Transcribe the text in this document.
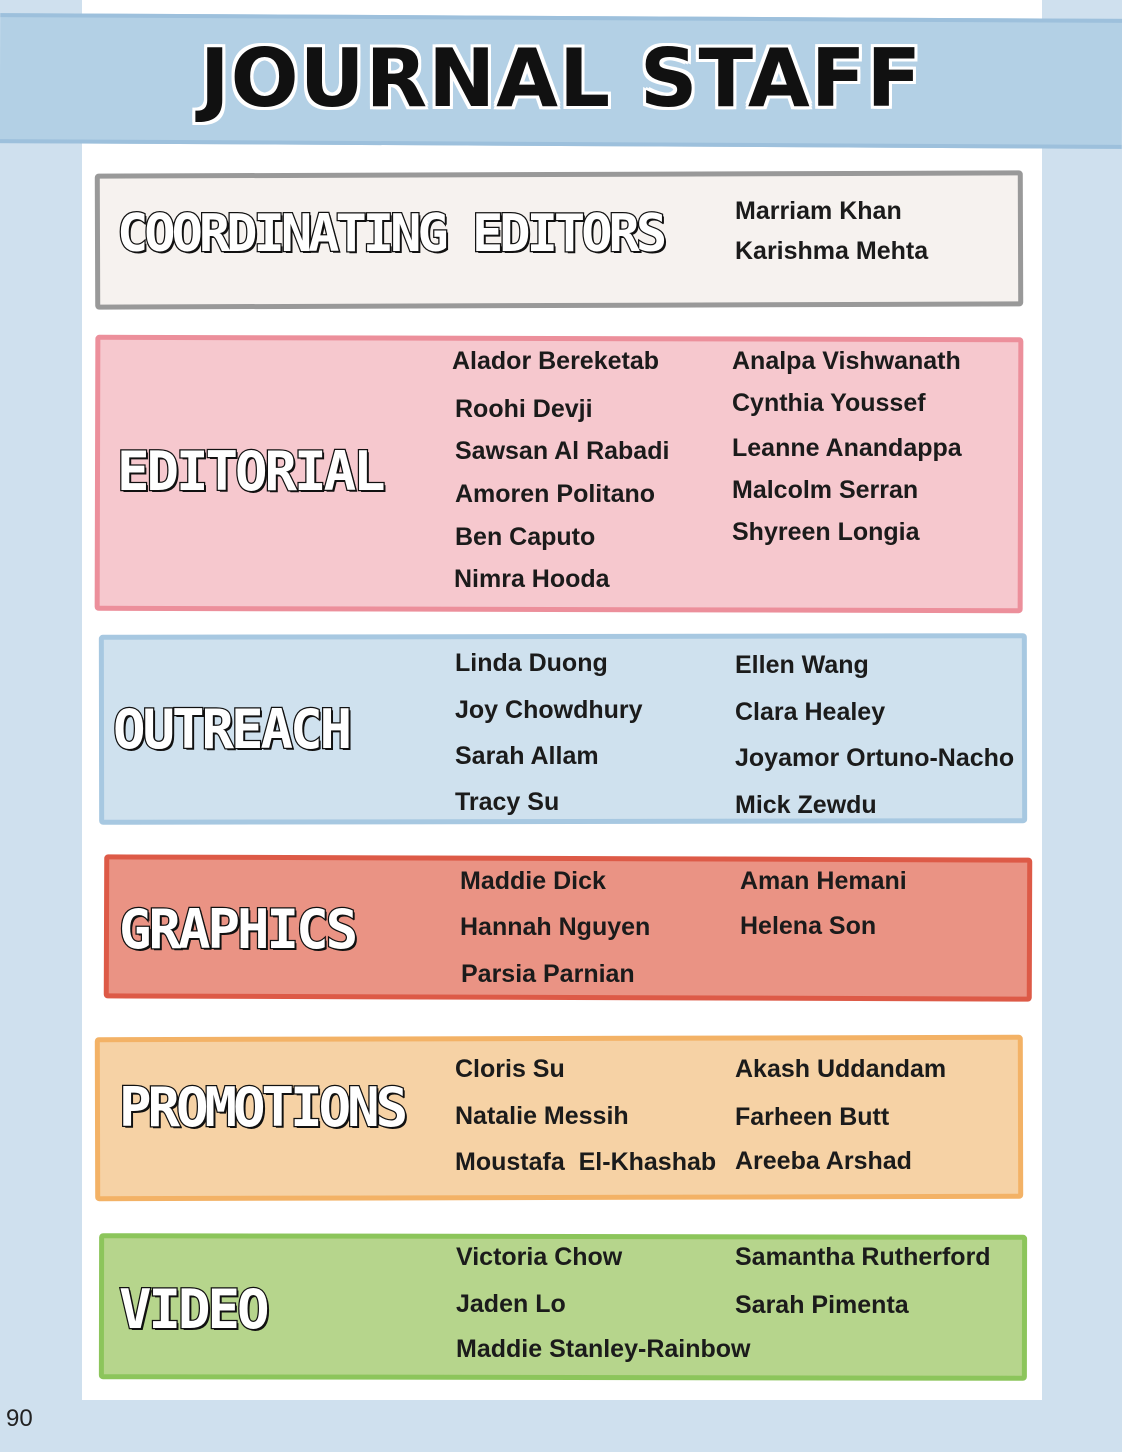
JOURNAL STAFF
COORDINATING EDITORS	Marriam Khan
Karishma Mehta
EDITORIAL
Alador Bereketab
Roohi Devji
Sawsan Al Rabadi
Amoren Politano
Ben Caputo
Nimra Hooda
Analpa Vishwanath
Cynthia Youssef
Leanne Anandappa
Malcolm Serran
Shyreen Longia
OUTREACH
Linda Duong
Joy Chowdhury
Sarah Allam
Tracy Su
Ellen Wang
Clara Healey
Joyamor Ortuno-Nacho
Mick Zewdu
GRAPHICS
Maddie Dick
Hannah Nguyen
Parsia Parnian
Aman Hemani
Helena Son
PROMOTIONS
Cloris Su
Natalie Messih
Moustafa  El-Khashab
Akash Uddandam
Farheen Butt
Areeba Arshad
VIDEO
Victoria Chow
Jaden Lo
Maddie Stanley-Rainbow
Samantha Rutherford
Sarah Pimenta
90
